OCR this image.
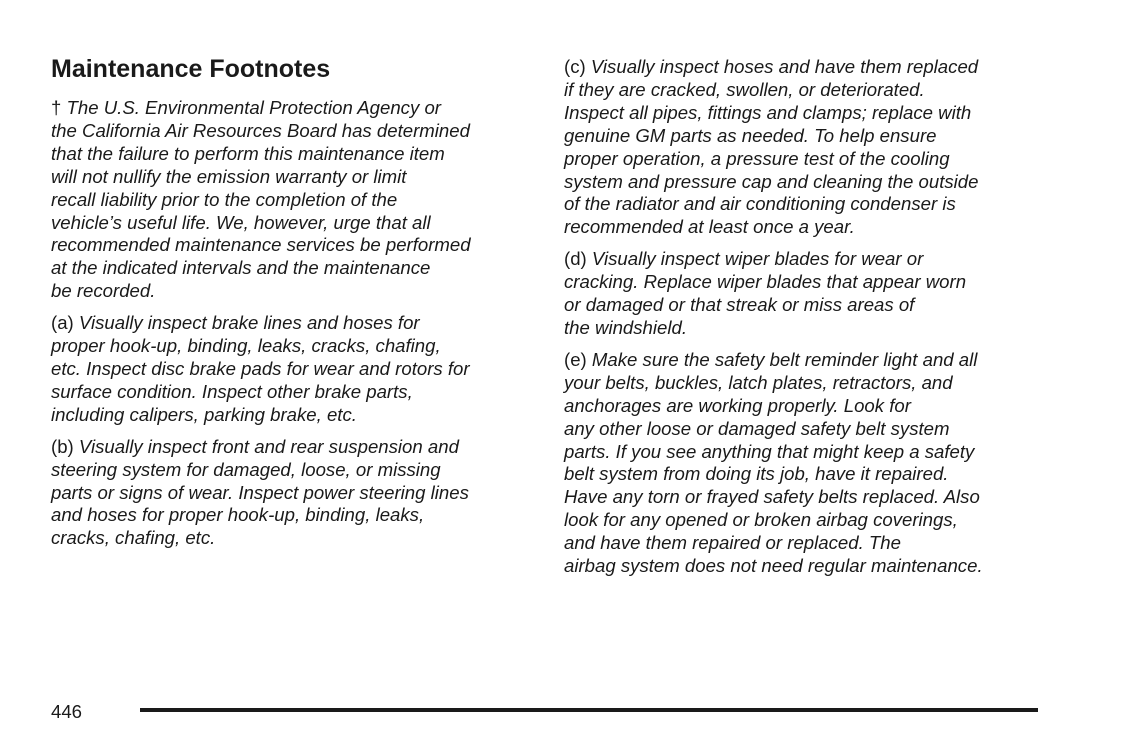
Maintenance Footnotes

† The U.S. Environmental Protection Agency or
the California Air Resources Board has determined
that the failure to perform this maintenance item
will not nullify the emission warranty or limit
recall liability prior to the completion of the
vehicle’s useful life. We, however, urge that all
recommended maintenance services be performed
at the indicated intervals and the maintenance
be recorded.

(a) Visually inspect brake lines and hoses for
proper hook-up, binding, leaks, cracks, chafing,
etc. Inspect disc brake pads for wear and rotors for
surface condition. Inspect other brake parts,
including calipers, parking brake, etc.

(b) Visually inspect front and rear suspension and
steering system for damaged, loose, or missing
parts or signs of wear. Inspect power steering lines
and hoses for proper hook-up, binding, leaks,
cracks, chafing, etc.

(c) Visually inspect hoses and have them replaced
if they are cracked, swollen, or deteriorated.
Inspect all pipes, fittings and clamps; replace with
genuine GM parts as needed. To help ensure
proper operation, a pressure test of the cooling
system and pressure cap and cleaning the outside
of the radiator and air conditioning condenser is
recommended at least once a year.

(d) Visually inspect wiper blades for wear or
cracking. Replace wiper blades that appear worn
or damaged or that streak or miss areas of
the windshield.

(e) Make sure the safety belt reminder light and all
your belts, buckles, latch plates, retractors, and
anchorages are working properly. Look for
any other loose or damaged safety belt system
parts. If you see anything that might keep a safety
belt system from doing its job, have it repaired.
Have any torn or frayed safety belts replaced. Also
look for any opened or broken airbag coverings,
and have them repaired or replaced. The
airbag system does not need regular maintenance.

446
